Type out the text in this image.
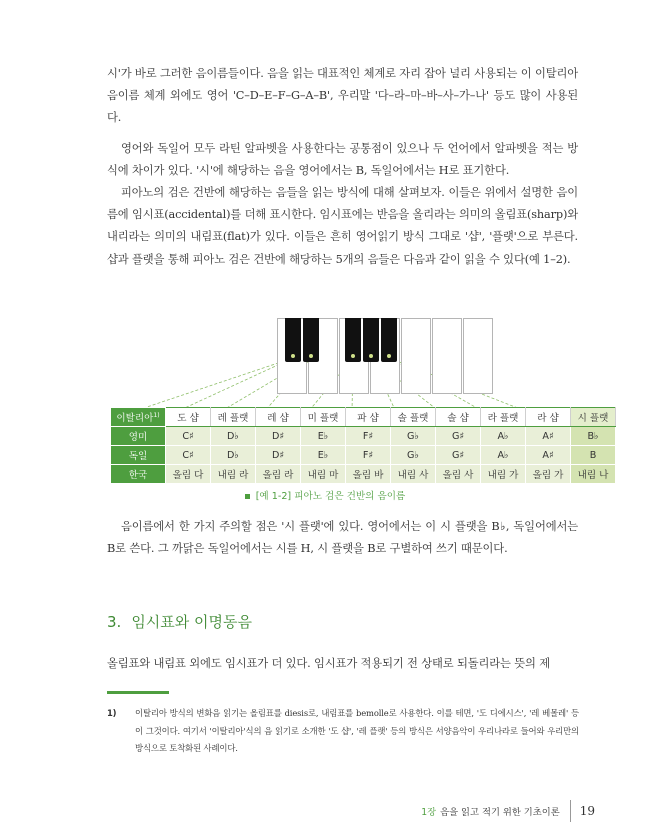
시'가 바로 그러한 음이름들이다. 음을 읽는 대표적인 체계로 자리 잡아 널리 사용되는 이 이탈리아 음이름 체계 외에도 영어 'C–D–E–F–G–A–B', 우리말 '다–라–마–바–사–가–나' 등도 많이 사용된다.

영어와 독일어 모두 라틴 알파벳을 사용한다는 공통점이 있으나 두 언어에서 알파벳을 적는 방식에 차이가 있다. '시'에 해당하는 음을 영어에서는 B, 독일어에서는 H로 표기한다.

피아노의 검은 건반에 해당하는 음들을 읽는 방식에 대해 살펴보자. 이들은 위에서 설명한 음이름에 임시표(accidental)를 더해 표시한다. 임시표에는 반음을 올리라는 의미의 올림표(sharp)와 내리라는 의미의 내림표(flat)가 있다. 이들은 흔히 영어읽기 방식 그대로 '샵', '플랫'으로 부른다. 샵과 플랫을 통해 피아노 검은 건반에 해당하는 5개의 음들은 다음과 같이 읽을 수 있다(예 1–2).

이탈리아$^{1)}$	도 샵	레 플랫	레 샵	미 플랫	파 샵	솔 플랫	솔 샵	라 플랫	라 샵	시 플랫
영미	C♯	D♭	D♯	E♭	F♯	G♭	G♯	A♭	A♯	B♭
독일	C♯	D♭	D♯	E♭	F♯	G♭	G♯	A♭	A♯	B
한국	올림 다	내림 라	올림 라	내림 마	올림 바	내림 사	올림 사	내림 가	올림 가	내림 나
[예 1-2] 피아노 검은 건반의 음이름

음이름에서 한 가지 주의할 점은 '시 플랫'에 있다. 영어에서는 이 시 플랫을 B♭, 독일어에서는 B로 쓴다. 그 까닭은 독일어에서는 시를 H, 시 플랫을 B로 구별하여 쓰기 때문이다.

3. 임시표와 이명동음

올림표와 내림표 외에도 임시표가 더 있다. 임시표가 적용되기 전 상태로 되돌리라는 뜻의 제

1) 이탈리아 방식의 변화음 읽기는 올림표를 diesis로, 내림표를 bemolle로 사용한다. 이를 테면, '도 디에시스', '레 베몰레' 등이 그것이다. 여기서 '이탈리아'식의 음 읽기로 소개한 '도 샵', '레 플랫' 등의 방식은 서양음악이 우리나라로 들어와 우리만의 방식으로 토착화된 사례이다.
1장 음을 읽고 적기 위한 기초이론 19
